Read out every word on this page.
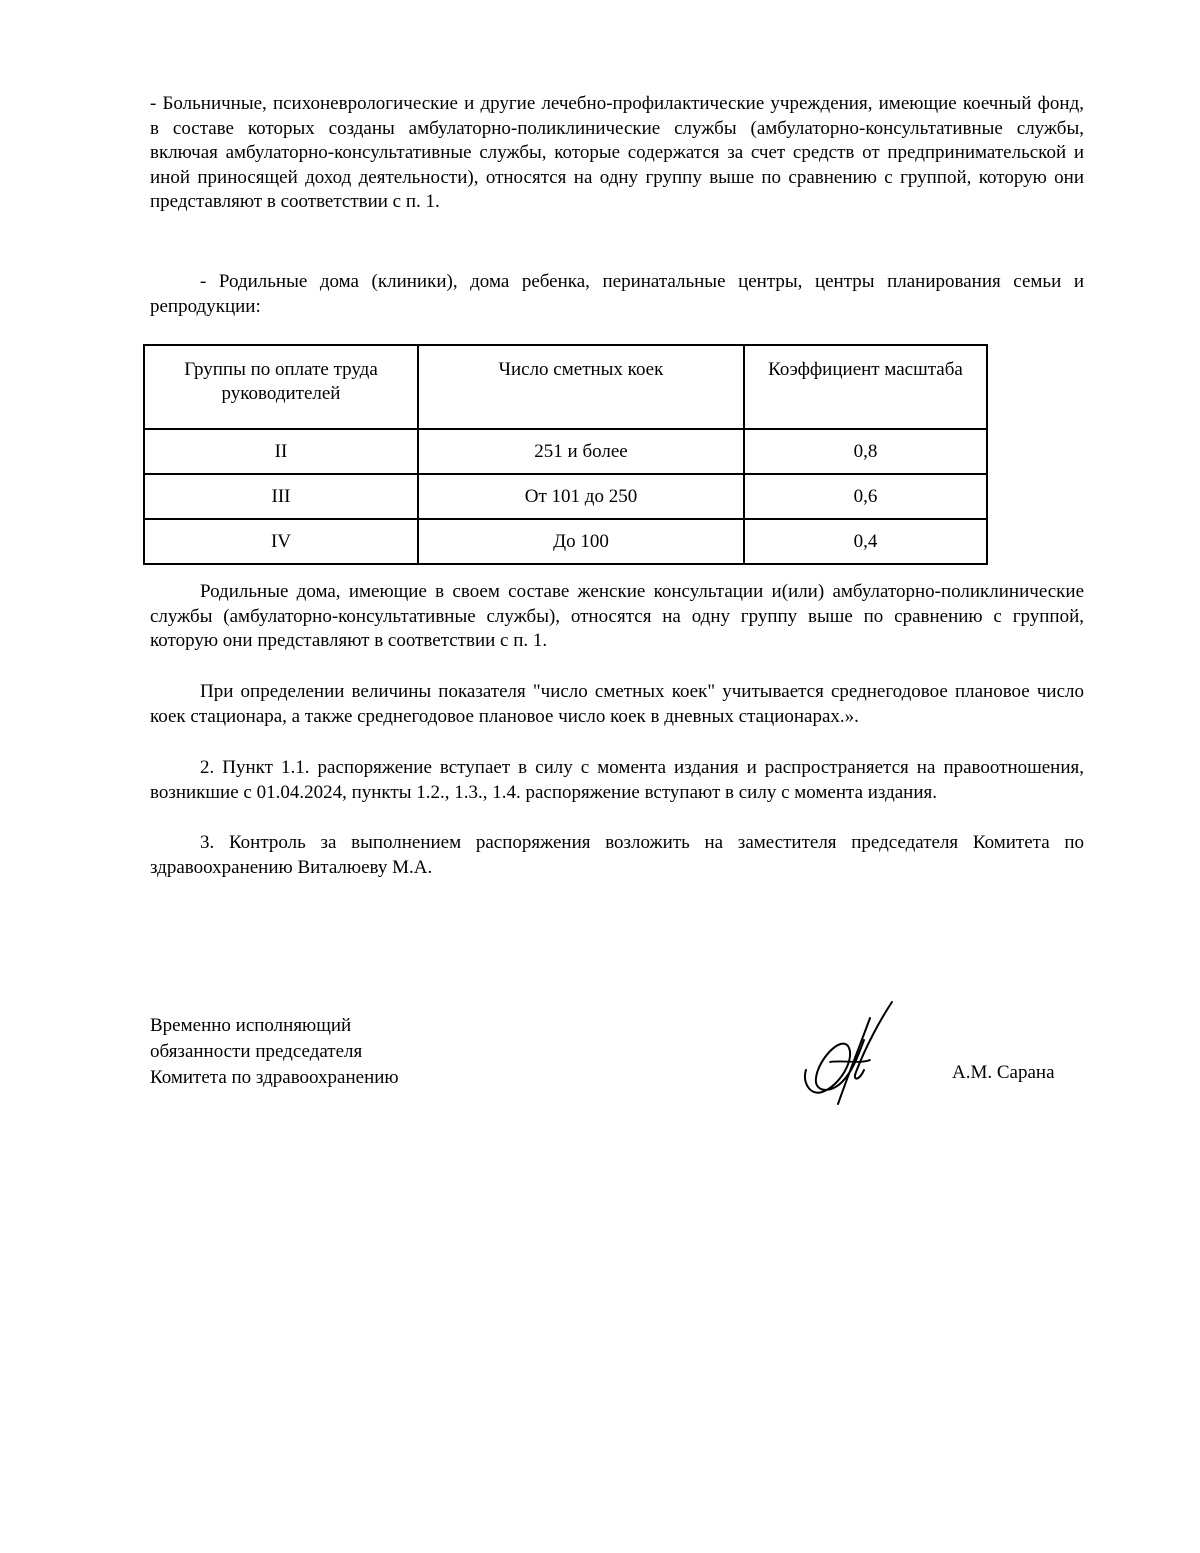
- Больничные, психоневрологические и другие лечебно-профилактические учреждения, имеющие коечный фонд, в составе которых созданы амбулаторно-поликлинические службы (амбулаторно-консультативные службы, включая амбулаторно-консультативные службы, которые содержатся за счет средств от предпринимательской и иной приносящей доход деятельности), относятся на одну группу выше по сравнению с группой, которую они представляют в соответствии с п. 1.

- Родильные дома (клиники), дома ребенка, перинатальные центры, центры планирования семьи и репродукции:

Группы по оплате труда руководителей	Число сметных коек	Коэффициент масштаба
II	251 и более	0,8
III	От 101 до 250	0,6
IV	До 100	0,4

Родильные дома, имеющие в своем составе женские консультации и(или) амбулаторно-поликлинические службы (амбулаторно-консультативные службы), относятся на одну группу выше по сравнению с группой, которую они представляют в соответствии с п. 1.

При определении величины показателя "число сметных коек" учитывается среднегодовое плановое число коек стационара, а также среднегодовое плановое число коек в дневных стационарах.».

2. Пункт 1.1. распоряжение вступает в силу с момента издания и распространяется на правоотношения, возникшие с 01.04.2024, пункты 1.2., 1.3., 1.4. распоряжение вступают в силу с момента издания.

3. Контроль за выполнением распоряжения возложить на заместителя председателя Комитета по здравоохранению Виталюеву М.А.

Временно исполняющий
обязанности председателя
Комитета по здравоохранению	А.М. Сарана
